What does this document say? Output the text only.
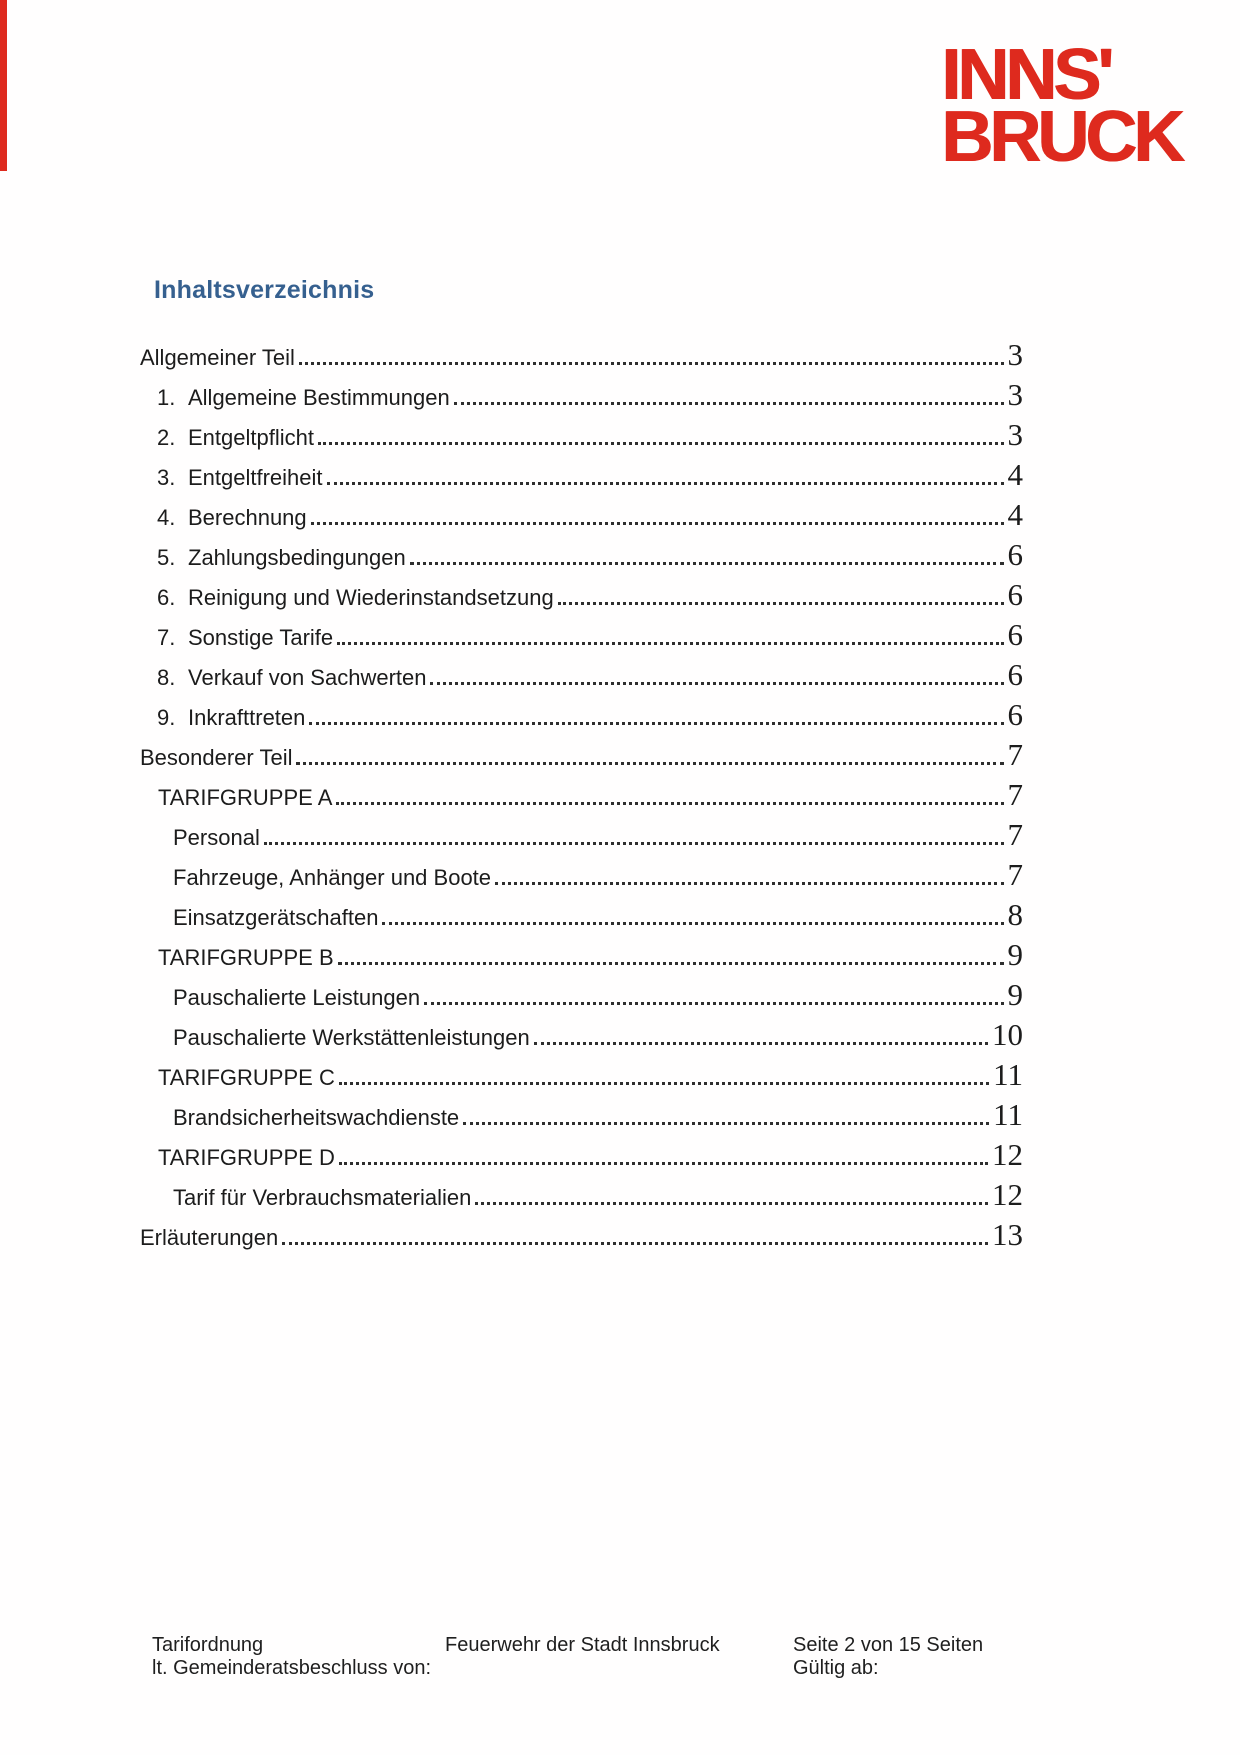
INNS'
BRUCK
Inhaltsverzeichnis
Allgemeiner Teil	3
1. Allgemeine Bestimmungen	3
2. Entgeltpflicht	3
3. Entgeltfreiheit	4
4. Berechnung	4
5. Zahlungsbedingungen	6
6. Reinigung und Wiederinstandsetzung	6
7. Sonstige Tarife	6
8. Verkauf von Sachwerten	6
9. Inkrafttreten	6
Besonderer Teil	7
TARIFGRUPPE A	7
Personal	7
Fahrzeuge, Anhänger und Boote	7
Einsatzgerätschaften	8
TARIFGRUPPE B	9
Pauschalierte Leistungen	9
Pauschalierte Werkstättenleistungen	10
TARIFGRUPPE C	11
Brandsicherheitswachdienste	11
TARIFGRUPPE D	12
Tarif für Verbrauchsmaterialien	12
Erläuterungen	13
Tarifordnung
lt. Gemeinderatsbeschluss von:
Feuerwehr der Stadt Innsbruck	Seite 2 von 15 Seiten
Gültig ab:
